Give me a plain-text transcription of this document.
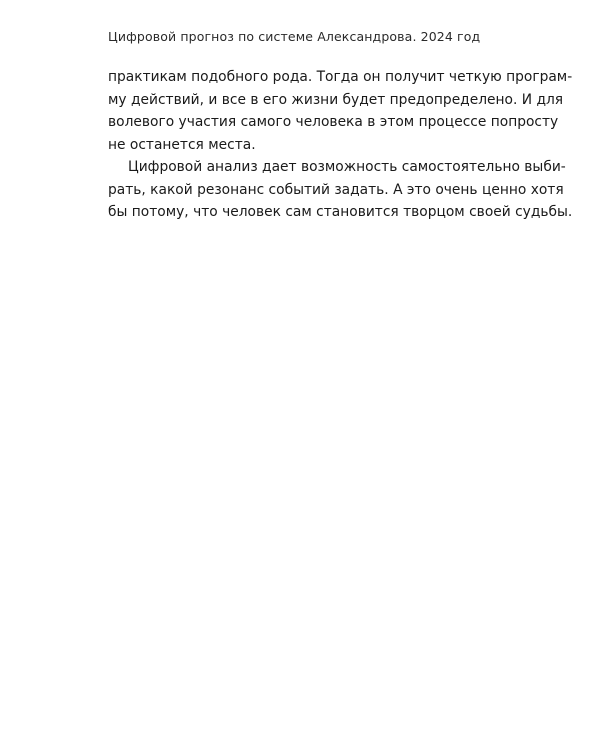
Цифровой прогноз по системе Александрова. 2024 год
практикам подобного рода. Тогда он получит четкую програм-
му действий, и все в его жизни будет предопределено. И для
волевого участия самого человека в этом процессе попросту
не останется места.
Цифровой анализ дает возможность самостоятельно выби-
рать, какой резонанс событий задать. А это очень ценно хотя
бы потому, что человек сам становится творцом своей судьбы.
